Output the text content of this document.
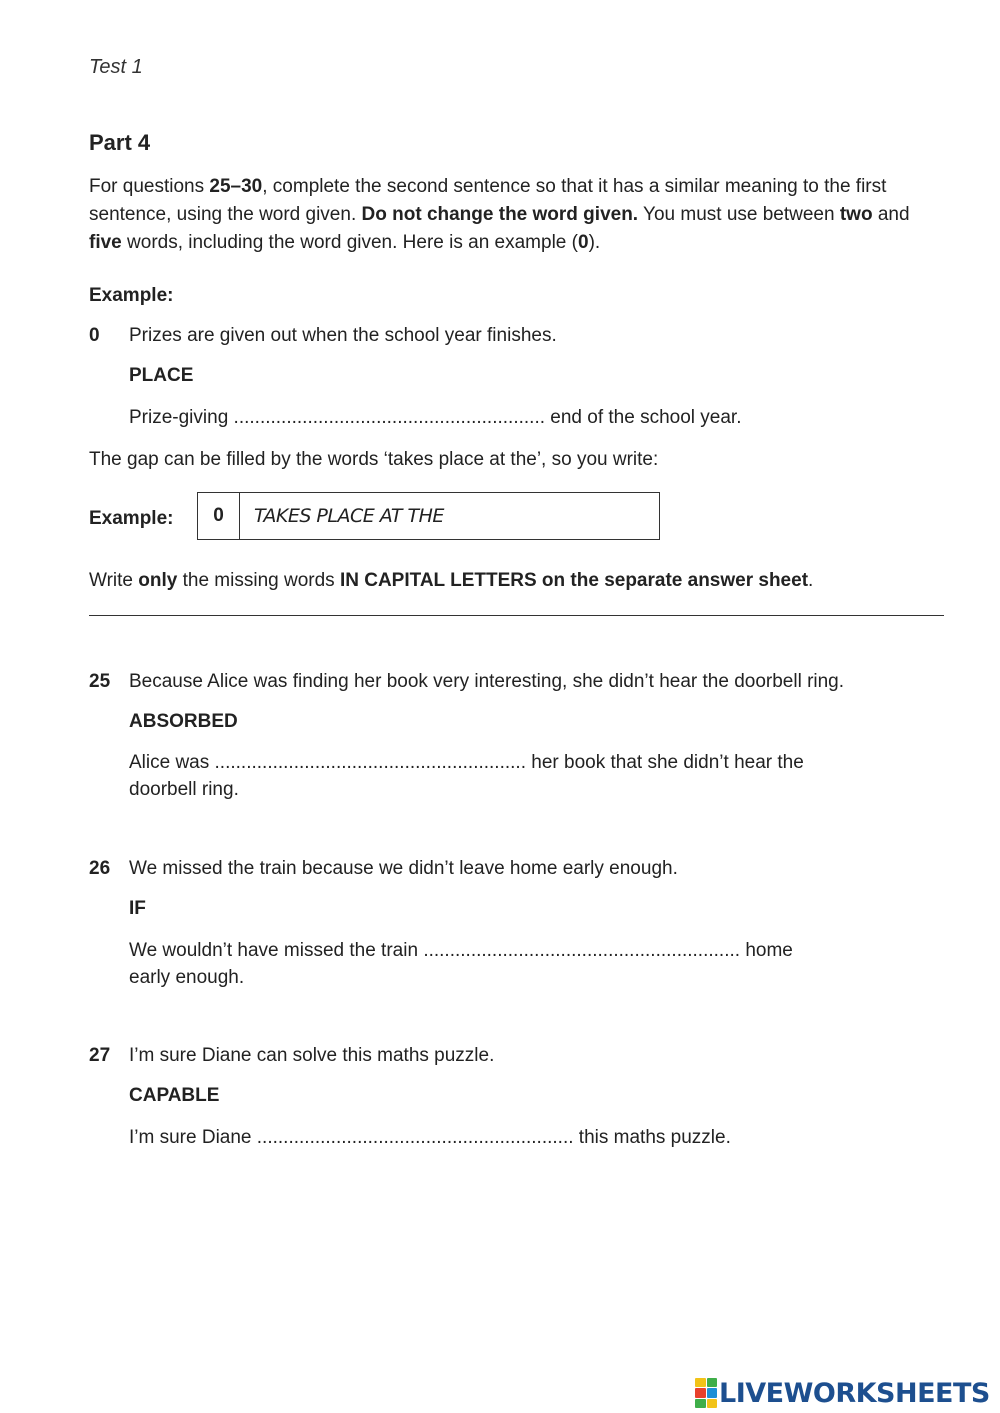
Test 1
Part 4
For questions 25–30, complete the second sentence so that it has a similar meaning to the first
sentence, using the word given. Do not change the word given. You must use between two and
five words, including the word given. Here is an example (0).
Example:
0	Prizes are given out when the school year finishes.
PLACE
Prize-giving ........................................................... end of the school year.
The gap can be filled by the words ‘takes place at the’, so you write:
Example:	0	TAKES PLACE AT THE
Write only the missing words IN CAPITAL LETTERS on the separate answer sheet.
25 Because Alice was finding her book very interesting, she didn’t hear the doorbell ring.
ABSORBED
Alice was ........................................................... her book that she didn’t hear the
doorbell ring.
26 We missed the train because we didn’t leave home early enough.
IF
We wouldn’t have missed the train ............................................................ home
early enough.
27 I’m sure Diane can solve this maths puzzle.
CAPABLE
I’m sure Diane ............................................................ this maths puzzle.
LIVEWORKSHEETS
